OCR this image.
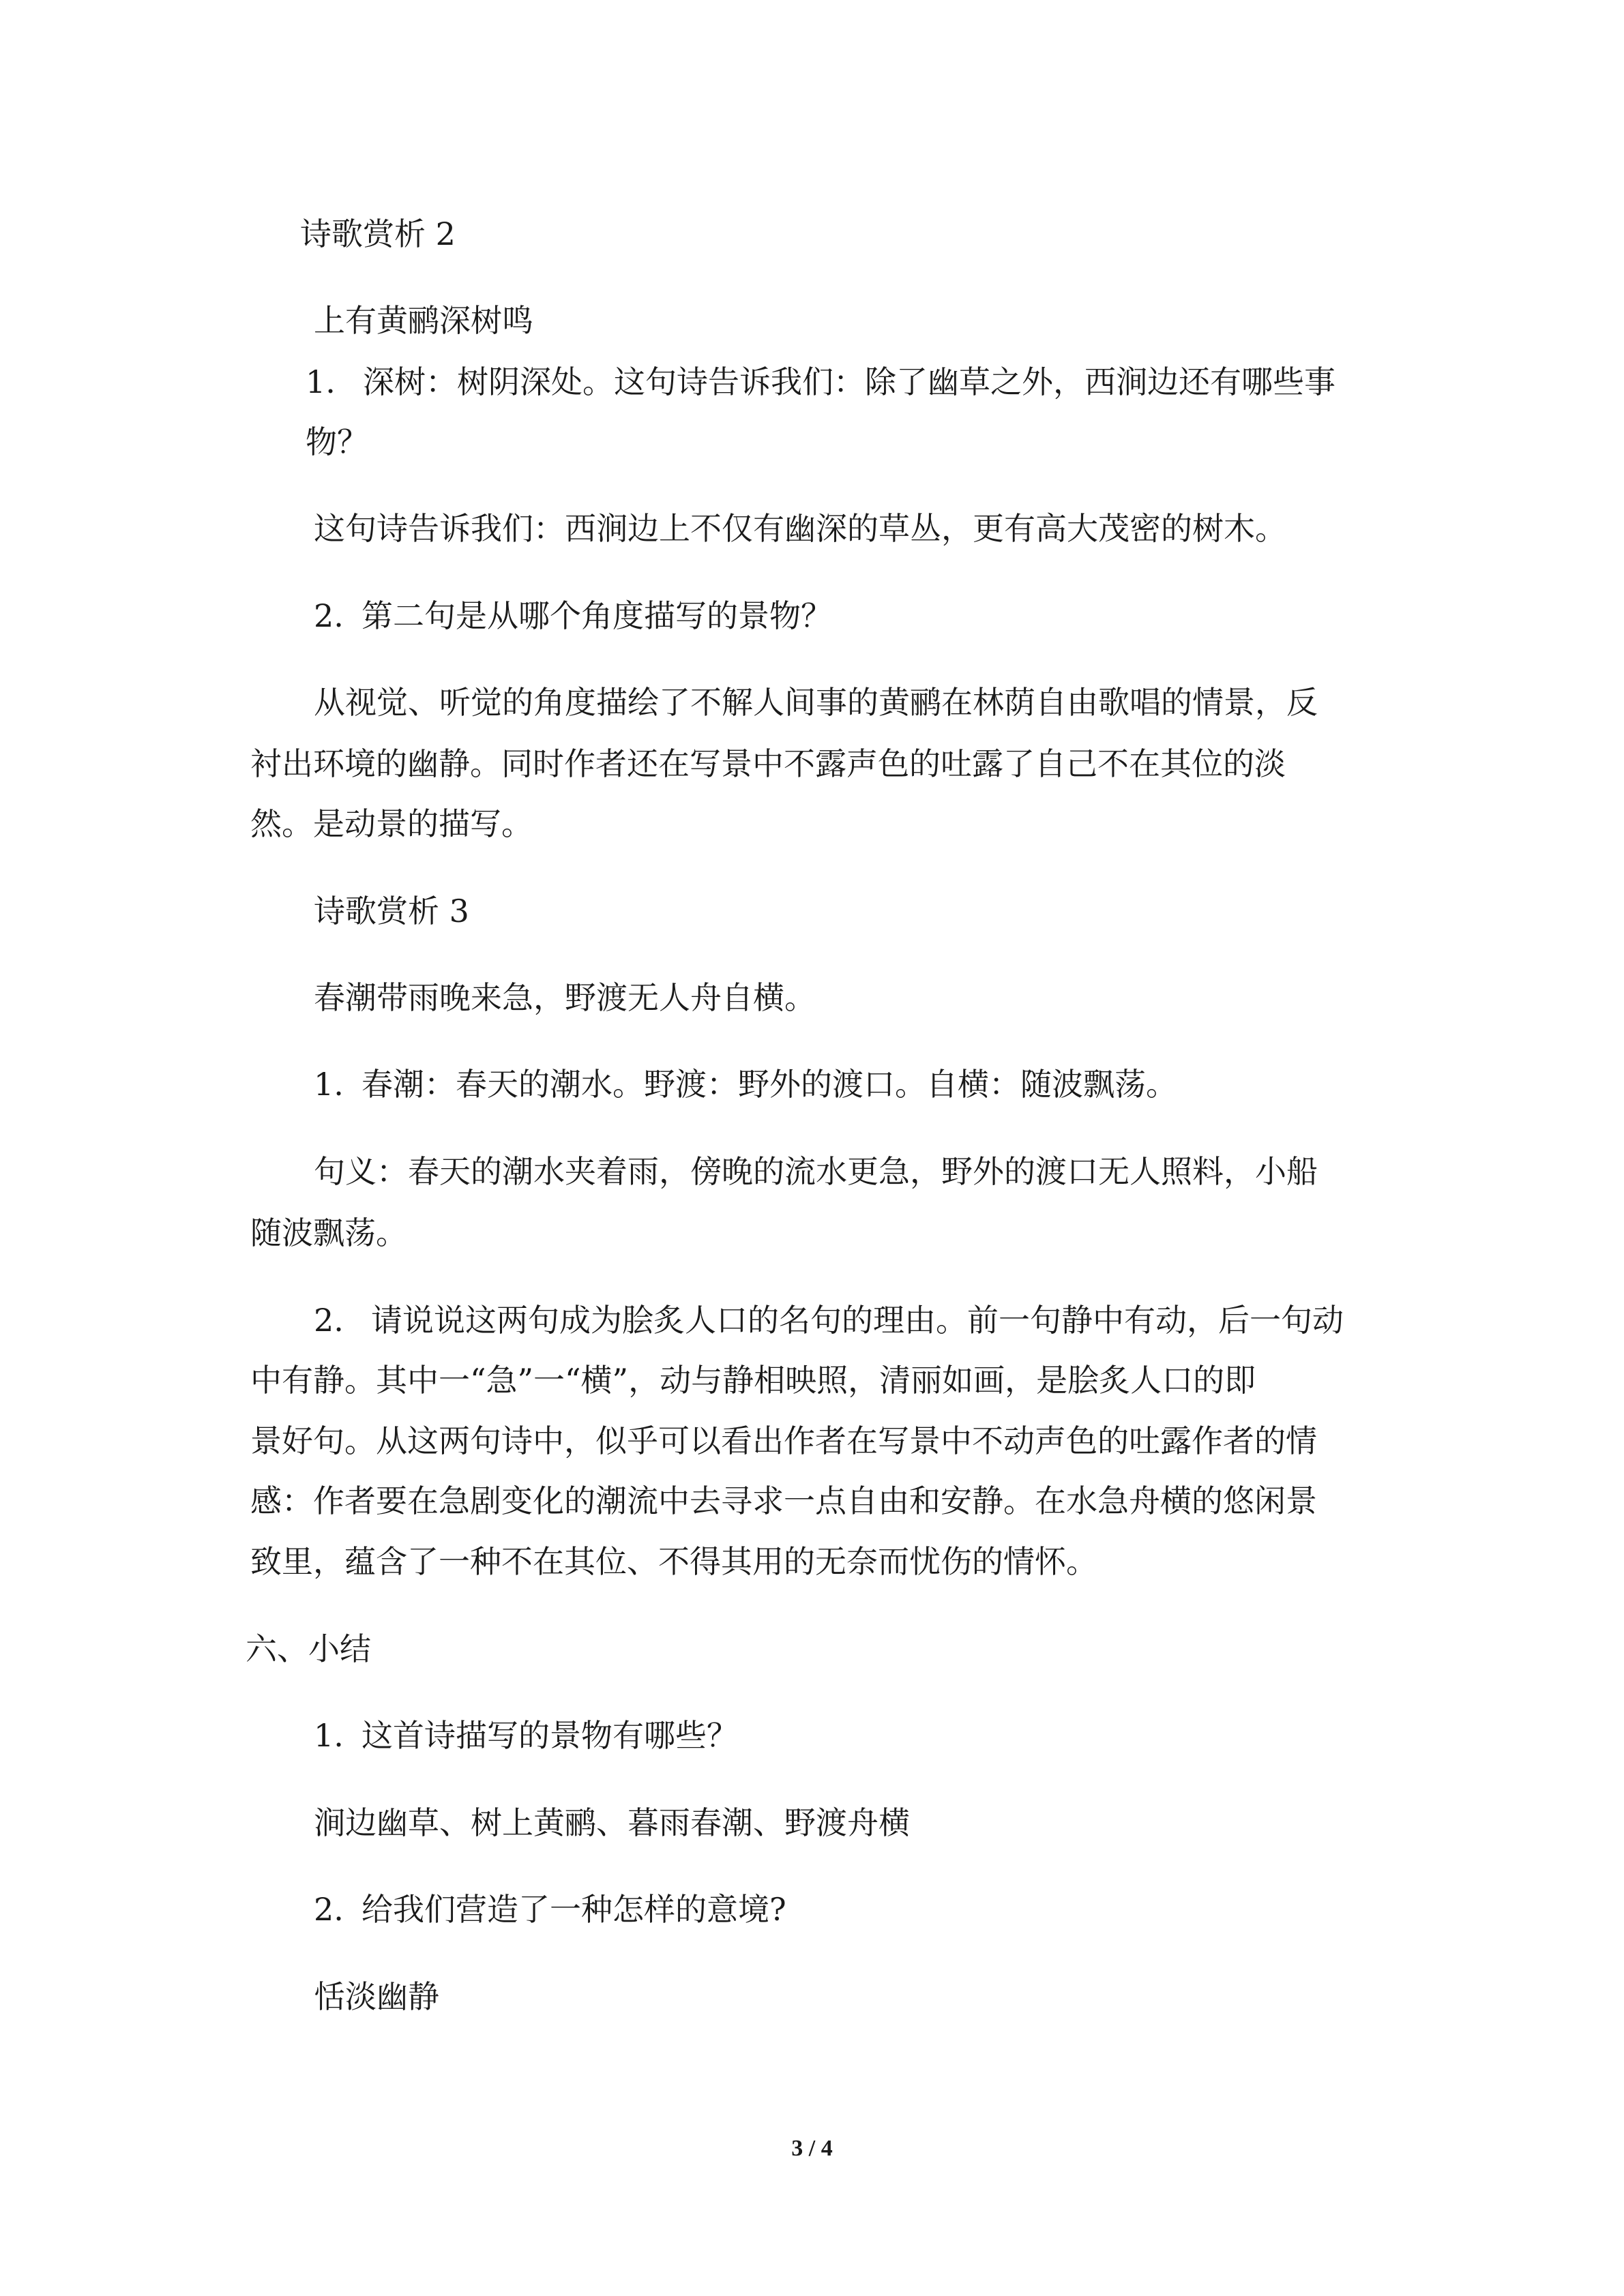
诗歌赏析 2

上有黄鹂深树鸣

1. 深树：树阴深处。这句诗告诉我们：除了幽草之外，西涧边还有哪些事

物？

这句诗告诉我们：西涧边上不仅有幽深的草丛，更有高大茂密的树木。

2. 第二句是从哪个角度描写的景物？

从视觉、听觉的角度描绘了不解人间事的黄鹂在林荫自由歌唱的情景，反

衬出环境的幽静。同时作者还在写景中不露声色的吐露了自己不在其位的淡

然。是动景的描写。

诗歌赏析 3

春潮带雨晚来急，野渡无人舟自横。

1. 春潮：春天的潮水。野渡：野外的渡口。自横：随波飘荡。

句义：春天的潮水夹着雨，傍晚的流水更急，野外的渡口无人照料，小船

随波飘荡。

2. 请说说这两句成为脍炙人口的名句的理由。前一句静中有动，后一句动

中有静。其中一“急”一“横”，动与静相映照，清丽如画，是脍炙人口的即

景好句。从这两句诗中，似乎可以看出作者在写景中不动声色的吐露作者的情

感：作者要在急剧变化的潮流中去寻求一点自由和安静。在水急舟横的悠闲景

致里，蕴含了一种不在其位、不得其用的无奈而忧伤的情怀。

六、小结

1. 这首诗描写的景物有哪些？

涧边幽草、树上黄鹂、暮雨春潮、野渡舟横

2. 给我们营造了一种怎样的意境?

恬淡幽静

3 / 4
